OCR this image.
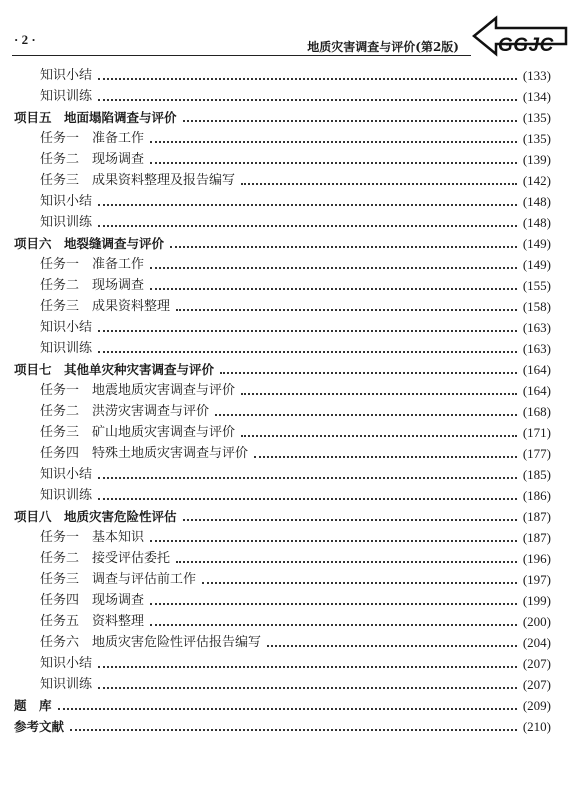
· 2 ·	地质灾害调查与评价(第2版) GGJC
知识小结	(133)
知识训练	(134)
项目五　地面塌陷调查与评价	(135)
任务一　准备工作	(135)
任务二　现场调查	(139)
任务三　成果资料整理及报告编写	(142)
知识小结	(148)
知识训练	(148)
项目六　地裂缝调查与评价	(149)
任务一　准备工作	(149)
任务二　现场调查	(155)
任务三　成果资料整理	(158)
知识小结	(163)
知识训练	(163)
项目七　其他单灾种灾害调查与评价	(164)
任务一　地震地质灾害调查与评价	(164)
任务二　洪涝灾害调查与评价	(168)
任务三　矿山地质灾害调查与评价	(171)
任务四　特殊土地质灾害调查与评价	(177)
知识小结	(185)
知识训练	(186)
项目八　地质灾害危险性评估	(187)
任务一　基本知识	(187)
任务二　接受评估委托	(196)
任务三　调查与评估前工作	(197)
任务四　现场调查	(199)
任务五　资料整理	(200)
任务六　地质灾害危险性评估报告编写	(204)
知识小结	(207)
知识训练	(207)
题　库	(209)
参考文献	(210)
